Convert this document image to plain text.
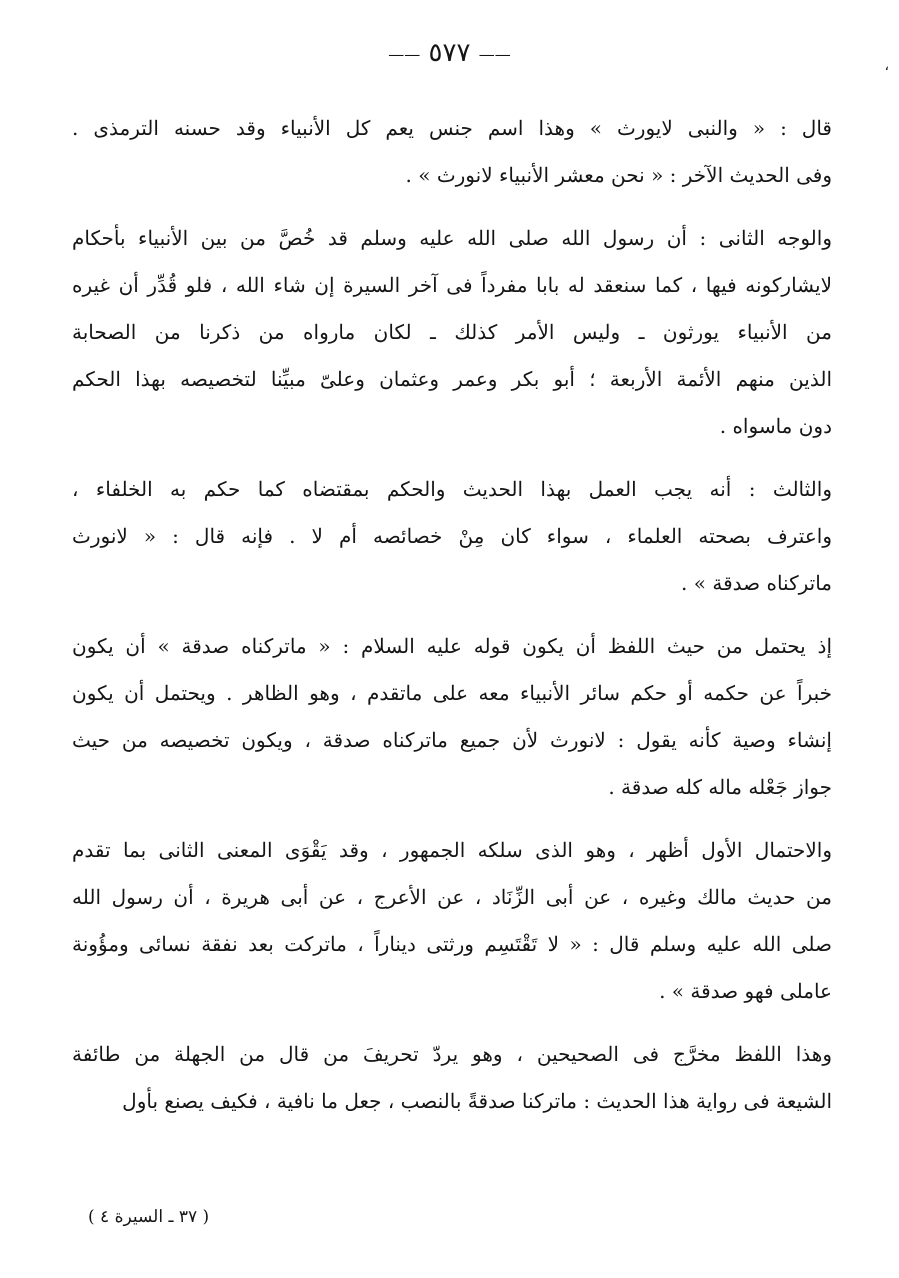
—— ٥٧٧ ——
،
قال : « والنبى لايورث » وهذا اسم جنس يعم كل الأنبياء وقد حسنه الترمذى .
وفى الحديث الآخر : « نحن معشر الأنبياء لانورث » .
والوجه الثانى : أن رسول الله صلى الله عليه وسلم قد خُصَّ من بين الأنبياء بأحكام
لايشاركونه فيها ، كما سنعقد له بابا مفرداً فى آخر السيرة إن شاء الله ، فلو قُدِّر أن غيره
من الأنبياء يورثون ـ وليس الأمر كذلك ـ لكان مارواه من ذكرنا من الصحابة
الذين منهم الأئمة الأربعة ؛ أبو بكر وعمر وعثمان وعلىّ مبيِّنا لتخصيصه بهذا الحكم
دون ماسواه .
والثالث : أنه يجب العمل بهذا الحديث والحكم بمقتضاه كما حكم به الخلفاء ،
واعترف بصحته العلماء ، سواء كان مِنْ خصائصه أم لا . فإنه قال : « لانورث
ماتركناه صدقة » .
إذ يحتمل من حيث اللفظ أن يكون قوله عليه السلام : « ماتركناه صدقة » أن يكون
خبراً عن حكمه أو حكم سائر الأنبياء معه على ماتقدم ، وهو الظاهر . ويحتمل أن يكون
إنشاء وصية كأنه يقول : لانورث لأن جميع ماتركناه صدقة ، ويكون تخصيصه من حيث
جواز جَعْله ماله كله صدقة .
والاحتمال الأول أظهر ، وهو الذى سلكه الجمهور ، وقد يَقْوَى المعنى الثانى بما تقدم
من حديث مالك وغيره ، عن أبى الزِّنَاد ، عن الأعرج ، عن أبى هريرة ، أن رسول الله
صلى الله عليه وسلم قال : « لا تَقْتَسِم ورثتى ديناراً ، ماتركت بعد نفقة نسائى ومؤُونة
عاملى فهو صدقة » .
وهذا اللفظ مخرَّج فى الصحيحين ، وهو يردّ تحريفَ من قال من الجهلة من طائفة
الشيعة فى رواية هذا الحديث : ماتركنا صدقةً بالنصب ، جعل ما نافية ، فكيف يصنع بأول
( ٣٧ ـ السيرة ٤ )
